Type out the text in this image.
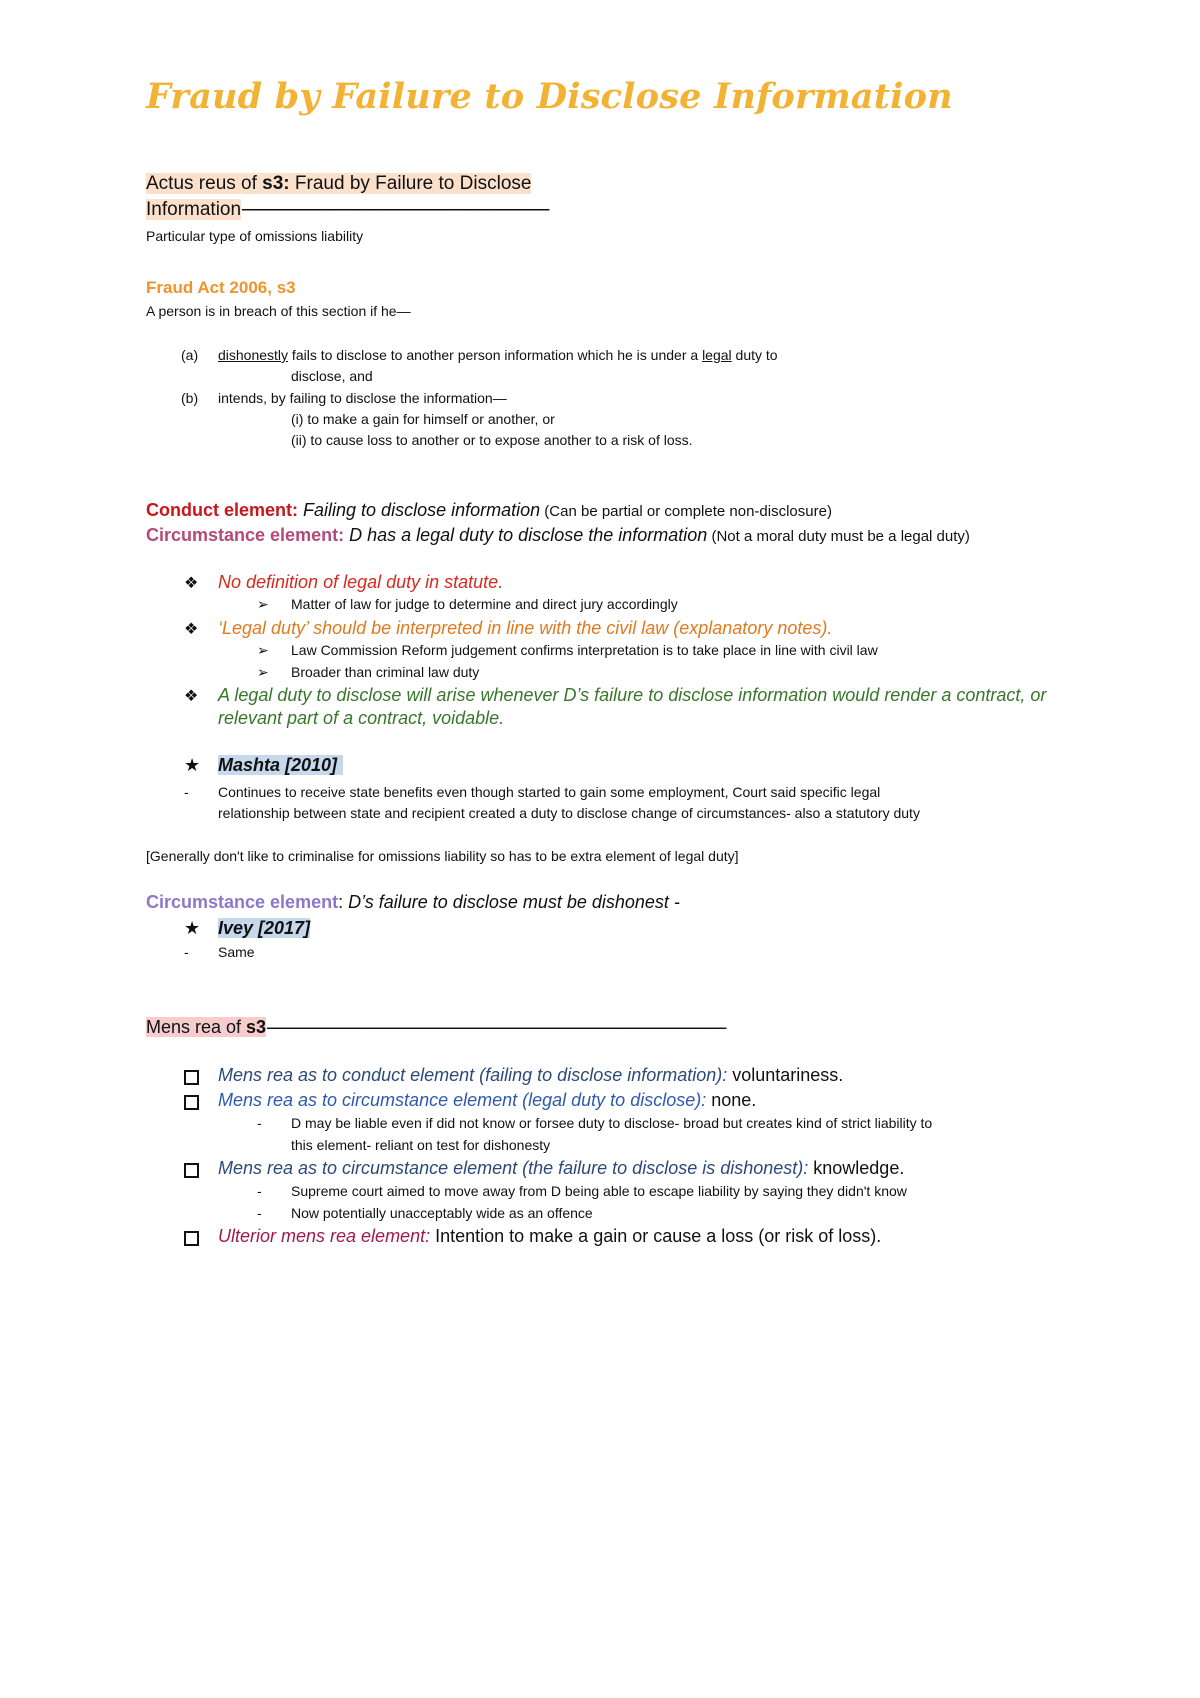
Fraud by Failure to Disclose Information
Actus reus of s3: Fraud by Failure to Disclose
Information-----------------------------------------------------------------------
Particular type of omissions liability
Fraud Act 2006, s3
A person is in breach of this section if he—
(a) dishonestly fails to disclose to another person information which he is under a legal duty to
disclose, and
(b) intends, by failing to disclose the information—
(i) to make a gain for himself or another, or
(ii) to cause loss to another or to expose another to a risk of loss.
Conduct element: Failing to disclose information (Can be partial or complete non-disclosure)
Circumstance element: D has a legal duty to disclose the information (Not a moral duty must be a legal duty)
❖ No definition of legal duty in statute.
➢ Matter of law for judge to determine and direct jury accordingly
❖ ‘Legal duty’ should be interpreted in line with the civil law (explanatory notes).
➢ Law Commission Reform judgement confirms interpretation is to take place in line with civil law
➢ Broader than criminal law duty
❖ A legal duty to disclose will arise whenever D’s failure to disclose information would render a contract, or
relevant part of a contract, voidable.
★ Mashta [2010]
- Continues to receive state benefits even though started to gain some employment, Court said specific legal
relationship between state and recipient created a duty to disclose change of circumstances- also a statutory duty
[Generally don't like to criminalise for omissions liability so has to be extra element of legal duty]
Circumstance element: D’s failure to disclose must be dishonest -
★ Ivey [2017]
- Same
Mens rea of s3-------------------------------------------------------------------------------------------------------------------
Mens rea as to conduct element (failing to disclose information): voluntariness.
Mens rea as to circumstance element (legal duty to disclose): none.
- D may be liable even if did not know or forsee duty to disclose- broad but creates kind of strict liability to
this element- reliant on test for dishonesty
Mens rea as to circumstance element (the failure to disclose is dishonest): knowledge.
- Supreme court aimed to move away from D being able to escape liability by saying they didn't know
- Now potentially unacceptably wide as an offence
Ulterior mens rea element: Intention to make a gain or cause a loss (or risk of loss).
